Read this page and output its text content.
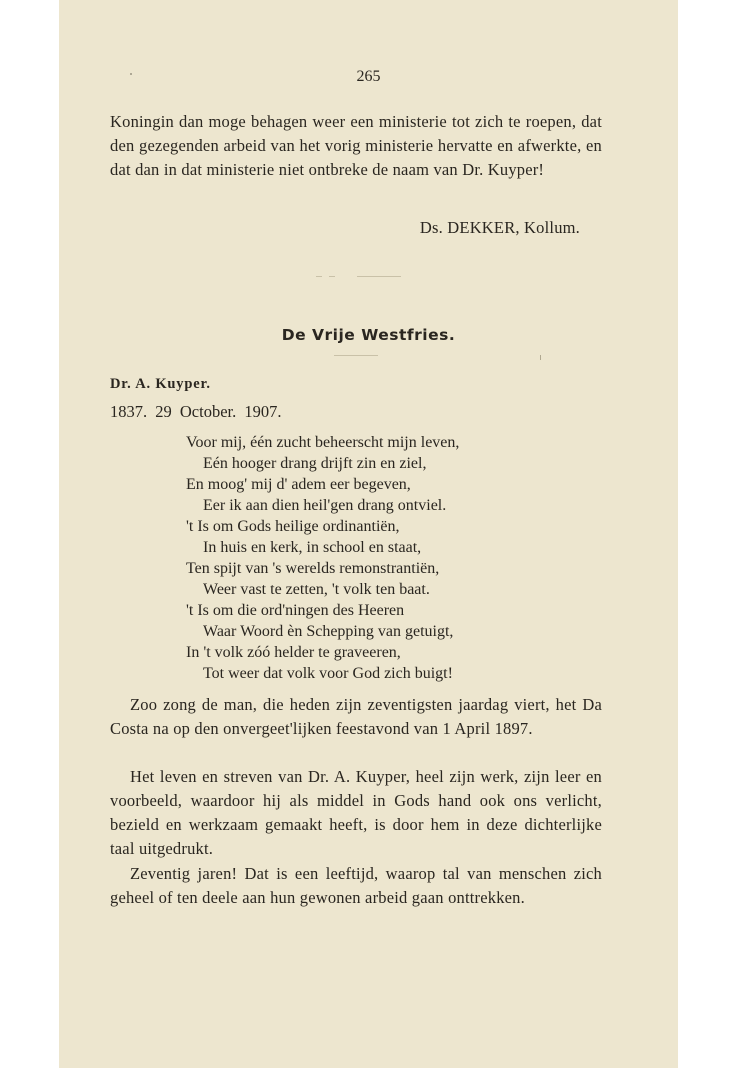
265
Koningin dan moge behagen weer een ministerie tot zich te roepen, dat den gezegenden arbeid van het vorig ministerie hervatte en afwerkte, en dat dan in dat ministerie niet ontbreke de naam van Dr. Kuyper!
Ds. DEKKER, Kollum.
De Vrije Westfries.
Dr. A. Kuyper.
1837. 29 October. 1907.
Voor mij, één zucht beheerscht mijn leven,
Eén hooger drang drijft zin en ziel,
En moog' mij d' adem eer begeven,
Eer ik aan dien heil'gen drang ontviel.
't Is om Gods heilige ordinantiën,
In huis en kerk, in school en staat,
Ten spijt van 's werelds remonstrantiën,
Weer vast te zetten, 't volk ten baat.
't Is om die ord'ningen des Heeren
Waar Woord èn Schepping van getuigt,
In 't volk zóó helder te graveeren,
Tot weer dat volk voor God zich buigt!
Zoo zong de man, die heden zijn zeventigsten jaardag viert, het Da Costa na op den onvergeet'lijken feestavond van 1 April 1897.
Het leven en streven van Dr. A. Kuyper, heel zijn werk, zijn leer en voorbeeld, waardoor hij als middel in Gods hand ook ons verlicht, bezield en werkzaam gemaakt heeft, is door hem in deze dichterlijke taal uitgedrukt.
Zeventig jaren! Dat is een leeftijd, waarop tal van menschen zich geheel of ten deele aan hun gewonen arbeid gaan onttrekken.
